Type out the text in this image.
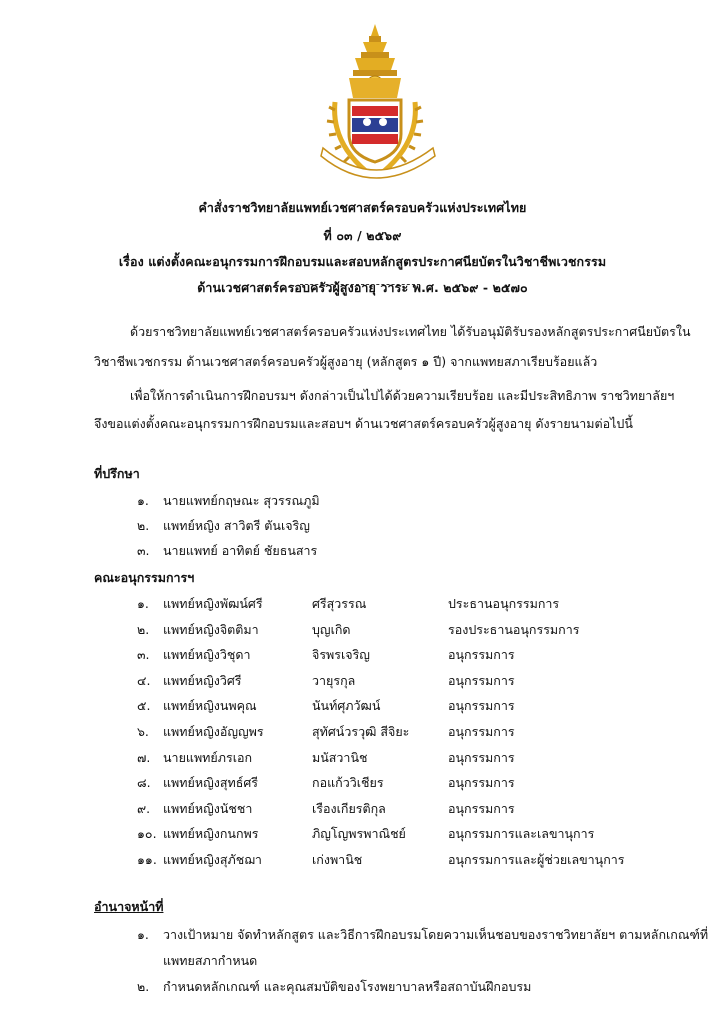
คำสั่งราชวิทยาลัยแพทย์เวชศาสตร์ครอบครัวแห่งประเทศไทย
ที่ ๐๓ / ๒๕๖๙
เรื่อง แต่งตั้งคณะอนุกรรมการฝึกอบรมและสอบหลักสูตรประกาศนียบัตรในวิชาชีพเวชกรรม
ด้านเวชศาสตร์ครอบครัวผู้สูงอายุ วาระ พ.ศ. ๒๕๖๙ - ๒๕๗๐
ด้วยราชวิทยาลัยแพทย์เวชศาสตร์ครอบครัวแห่งประเทศไทย ได้รับอนุมัติรับรองหลักสูตรประกาศนียบัตรใน
วิชาชีพเวชกรรม ด้านเวชศาสตร์ครอบครัวผู้สูงอายุ (หลักสูตร ๑ ปี) จากแพทยสภาเรียบร้อยแล้ว
เพื่อให้การดำเนินการฝึกอบรมฯ ดังกล่าวเป็นไปได้ด้วยความเรียบร้อย และมีประสิทธิภาพ ราชวิทยาลัยฯ
จึงขอแต่งตั้งคณะอนุกรรมการฝึกอบรมและสอบฯ ด้านเวชศาสตร์ครอบครัวผู้สูงอายุ ดังรายนามต่อไปนี้
ที่ปรึกษา
๑. นายแพทย์กฤษณะ สุวรรณภูมิ
๒. แพทย์หญิง สาวิตรี ตันเจริญ
๓. นายแพทย์ อาทิตย์ ชัยธนสาร
คณะอนุกรรมการฯ
๑. แพทย์หญิงพัฒน์ศรี	ศรีสุวรรณ	ประธานอนุกรรมการ
๒. แพทย์หญิงจิตติมา	บุญเกิด	รองประธานอนุกรรมการ
๓. แพทย์หญิงวิชุดา	จิรพรเจริญ	อนุกรรมการ
๔. แพทย์หญิงวิศรี	วายุรกุล	อนุกรรมการ
๕. แพทย์หญิงนพคุณ	นันท์ศุภวัฒน์	อนุกรรมการ
๖. แพทย์หญิงอัญญพร	สุทัศน์วรวุฒิ สีจิยะ	อนุกรรมการ
๗. นายแพทย์ภรเอก	มนัสวานิช	อนุกรรมการ
๘. แพทย์หญิงสุทธ์ศรี	กอแก้ววิเชียร	อนุกรรมการ
๙. แพทย์หญิงนัชชา	เรืองเกียรติกุล	อนุกรรมการ
๑๐. แพทย์หญิงกนกพร	ภิญโญพรพาณิชย์	อนุกรรมการและเลขานุการ
๑๑. แพทย์หญิงสุภัชฌา	เก่งพานิช	อนุกรรมการและผู้ช่วยเลขานุการ
อำนาจหน้าที่
๑. วางเป้าหมาย จัดทำหลักสูตร และวิธีการฝึกอบรมโดยความเห็นชอบของราชวิทยาลัยฯ ตามหลักเกณฑ์ที่
แพทยสภากำหนด
๒. กำหนดหลักเกณฑ์ และคุณสมบัติของโรงพยาบาลหรือสถาบันฝึกอบรม
